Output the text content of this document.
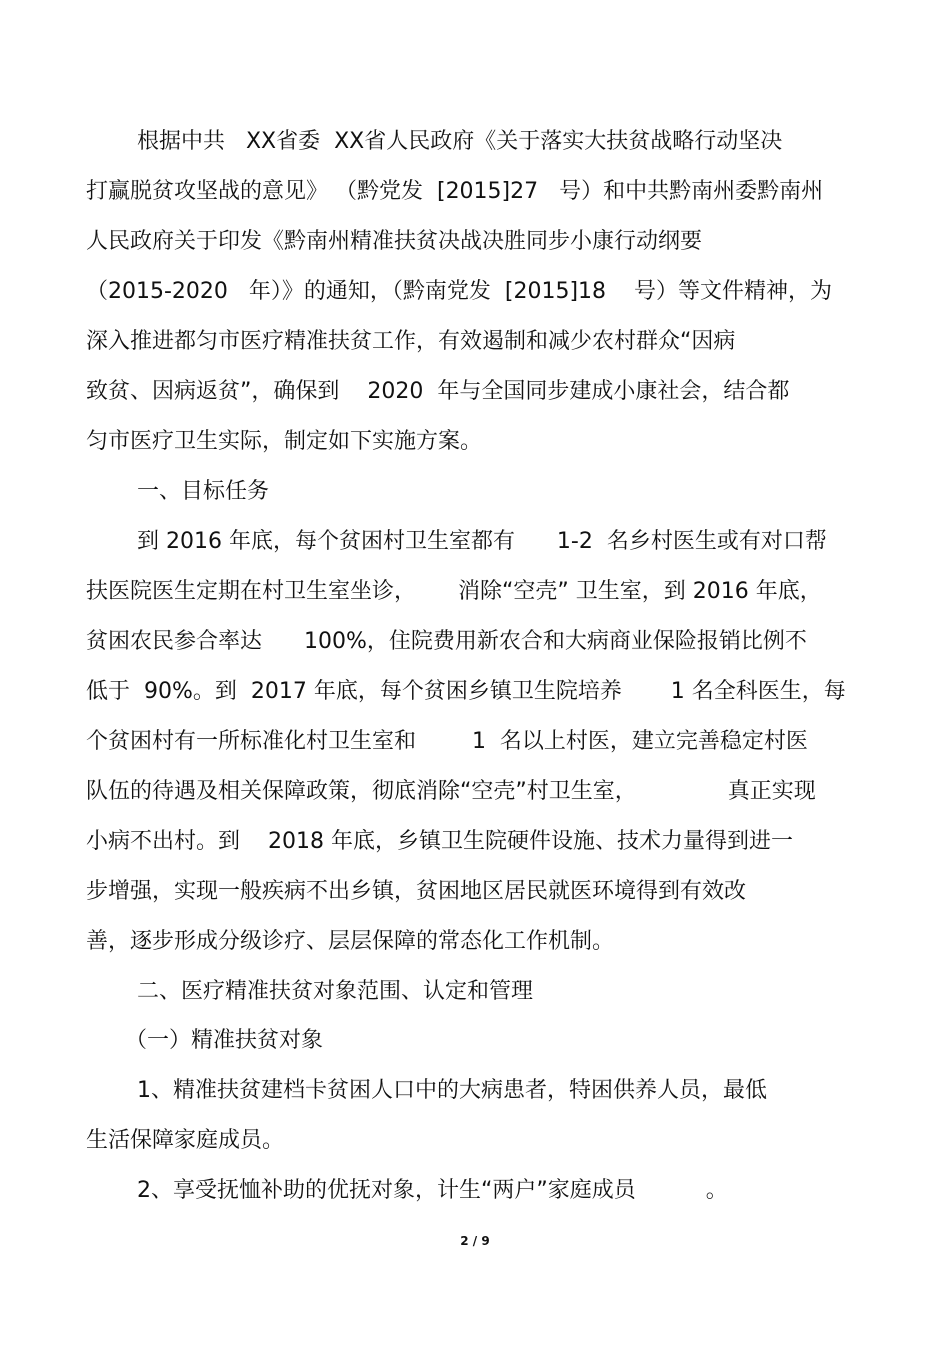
根据中共   XX省委  XX省人民政府《关于落实大扶贫战略行动坚决
打赢脱贫攻坚战的意见》 （黔党发  [2015]27   号）和中共黔南州委黔南州
人民政府关于印发《黔南州精准扶贫决战决胜同步小康行动纲要
（2015-2020   年）》的通知，（黔南党发  [2015]18    号）等文件精神，为
深入推进都匀市医疗精准扶贫工作，有效遏制和减少农村群众“因病
致贫、因病返贫”，确保到    2020  年与全国同步建成小康社会，结合都
匀市医疗卫生实际，制定如下实施方案。
一、目标任务
到 2016 年底，每个贫困村卫生室都有      1-2  名乡村医生或有对口帮
扶医院医生定期在村卫生室坐诊，      消除“空壳” 卫生室，到 2016 年底，
贫困农民参合率达      100%，住院费用新农合和大病商业保险报销比例不
低于  90%。到  2017 年底，每个贫困乡镇卫生院培养       1 名全科医生，每
个贫困村有一所标准化村卫生室和        1  名以上村医，建立完善稳定村医
队伍的待遇及相关保障政策，彻底消除“空壳”村卫生室，             真正实现
小病不出村。到    2018 年底，乡镇卫生院硬件设施、技术力量得到进一
步增强，实现一般疾病不出乡镇，贫困地区居民就医环境得到有效改
善，逐步形成分级诊疗、层层保障的常态化工作机制。
二、医疗精准扶贫对象范围、认定和管理
（一）精准扶贫对象
1、精准扶贫建档卡贫困人口中的大病患者，特困供养人员，最低
生活保障家庭成员。
2、享受抚恤补助的优抚对象，计生“两户”家庭成员          。
2 / 9
